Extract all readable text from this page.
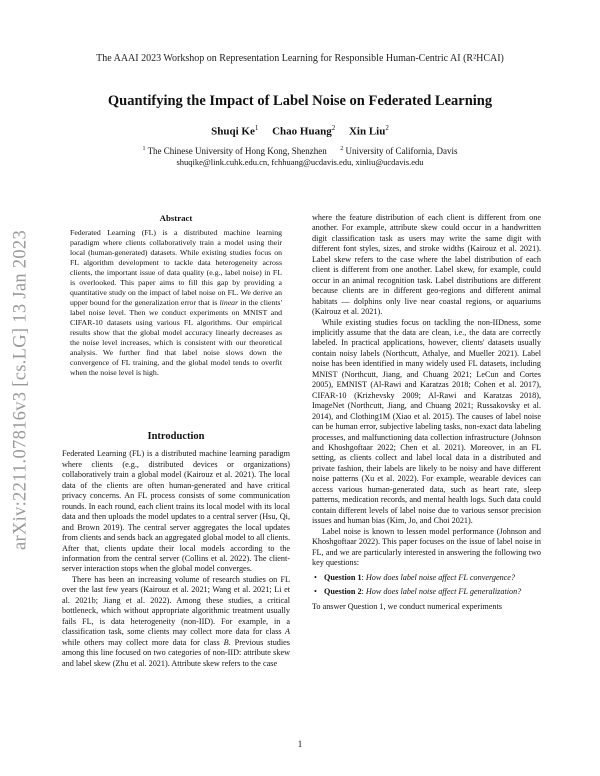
The AAAI 2023 Workshop on Representation Learning for Responsible Human-Centric AI (R²HCAI)
Quantifying the Impact of Label Noise on Federated Learning
Shuqi Ke$^1$ Chao Huang$^2$ Xin Liu$^2$
$^1$ The Chinese University of Hong Kong, Shenzhen $^2$ University of California, Davis
shuqike@link.cuhk.edu.cn, fchhuang@ucdavis.edu, xinliu@ucdavis.edu
arXiv:2211.07816v3 [cs.LG] 13 Jan 2023
Abstract

Federated Learning (FL) is a distributed machine learning paradigm where clients collaboratively train a model using their local (human-generated) datasets. While existing studies focus on FL algorithm development to tackle data heterogeneity across clients, the important issue of data quality (e.g., label noise) in FL is overlooked. This paper aims to fill this gap by providing a quantitative study on the impact of label noise on FL. We derive an upper bound for the generalization error that is linear in the clients' label noise level. Then we conduct experiments on MNIST and CIFAR-10 datasets using various FL algorithms. Our empirical results show that the global model accuracy linearly decreases as the noise level increases, which is consistent with our theoretical analysis. We further find that label noise slows down the convergence of FL training, and the global model tends to overfit when the noise level is high.

Introduction

Federated Learning (FL) is a distributed machine learning paradigm where clients (e.g., distributed devices or organizations) collaboratively train a global model (Kairouz et al. 2021). The local data of the clients are often human-generated and have critical privacy concerns. An FL process consists of some communication rounds. In each round, each client trains its local model with its local data and then uploads the model updates to a central server (Hsu, Qi, and Brown 2019). The central server aggregates the local updates from clients and sends back an aggregated global model to all clients. After that, clients update their local models according to the information from the central server (Collins et al. 2022). The client-server interaction stops when the global model converges.

There has been an increasing volume of research studies on FL over the last few years (Kairouz et al. 2021; Wang et al. 2021; Li et al. 2021b; Jiang et al. 2022). Among these studies, a critical bottleneck, which without appropriate algorithmic treatment usually fails FL, is data heterogeneity (non-IID). For example, in a classification task, some clients may collect more data for class A while others may collect more data for class B. Previous studies among this line focused on two categories of non-IID: attribute skew and label skew (Zhu et al. 2021). Attribute skew refers to the case

where the feature distribution of each client is different from one another. For example, attribute skew could occur in a handwritten digit classification task as users may write the same digit with different font styles, sizes, and stroke widths (Kairouz et al. 2021). Label skew refers to the case where the label distribution of each client is different from one another. Label skew, for example, could occur in an animal recognition task. Label distributions are different because clients are in different geo-regions and different animal habitats — dolphins only live near coastal regions, or aquariums (Kairouz et al. 2021).

While existing studies focus on tackling the non-IIDness, some implicitly assume that the data are clean, i.e., the data are correctly labeled. In practical applications, however, clients' datasets usually contain noisy labels (Northcutt, Athalye, and Mueller 2021). Label noise has been identified in many widely used FL datasets, including MNIST (Northcutt, Jiang, and Chuang 2021; LeCun and Cortes 2005), EMNIST (Al-Rawi and Karatzas 2018; Cohen et al. 2017), CIFAR-10 (Krizhevsky 2009; Al-Rawi and Karatzas 2018), ImageNet (Northcutt, Jiang, and Chuang 2021; Russakovsky et al. 2014), and Clothing1M (Xiao et al. 2015). The causes of label noise can be human error, subjective labeling tasks, non-exact data labeling processes, and malfunctioning data collection infrastructure (Johnson and Khoshgoftaar 2022; Chen et al. 2021). Moreover, in an FL setting, as clients collect and label local data in a distributed and private fashion, their labels are likely to be noisy and have different noise patterns (Xu et al. 2022). For example, wearable devices can access various human-generated data, such as heart rate, sleep patterns, medication records, and mental health logs. Such data could contain different levels of label noise due to various sensor precision issues and human bias (Kim, Jo, and Choi 2021).

Label noise is known to lessen model performance (Johnson and Khoshgoftaar 2022). This paper focuses on the issue of label noise in FL, and we are particularly interested in answering the following two key questions:

• Question 1: How does label noise affect FL convergence?
• Question 2: How does label noise affect FL generalization?

To answer Question 1, we conduct numerical experiments

1
